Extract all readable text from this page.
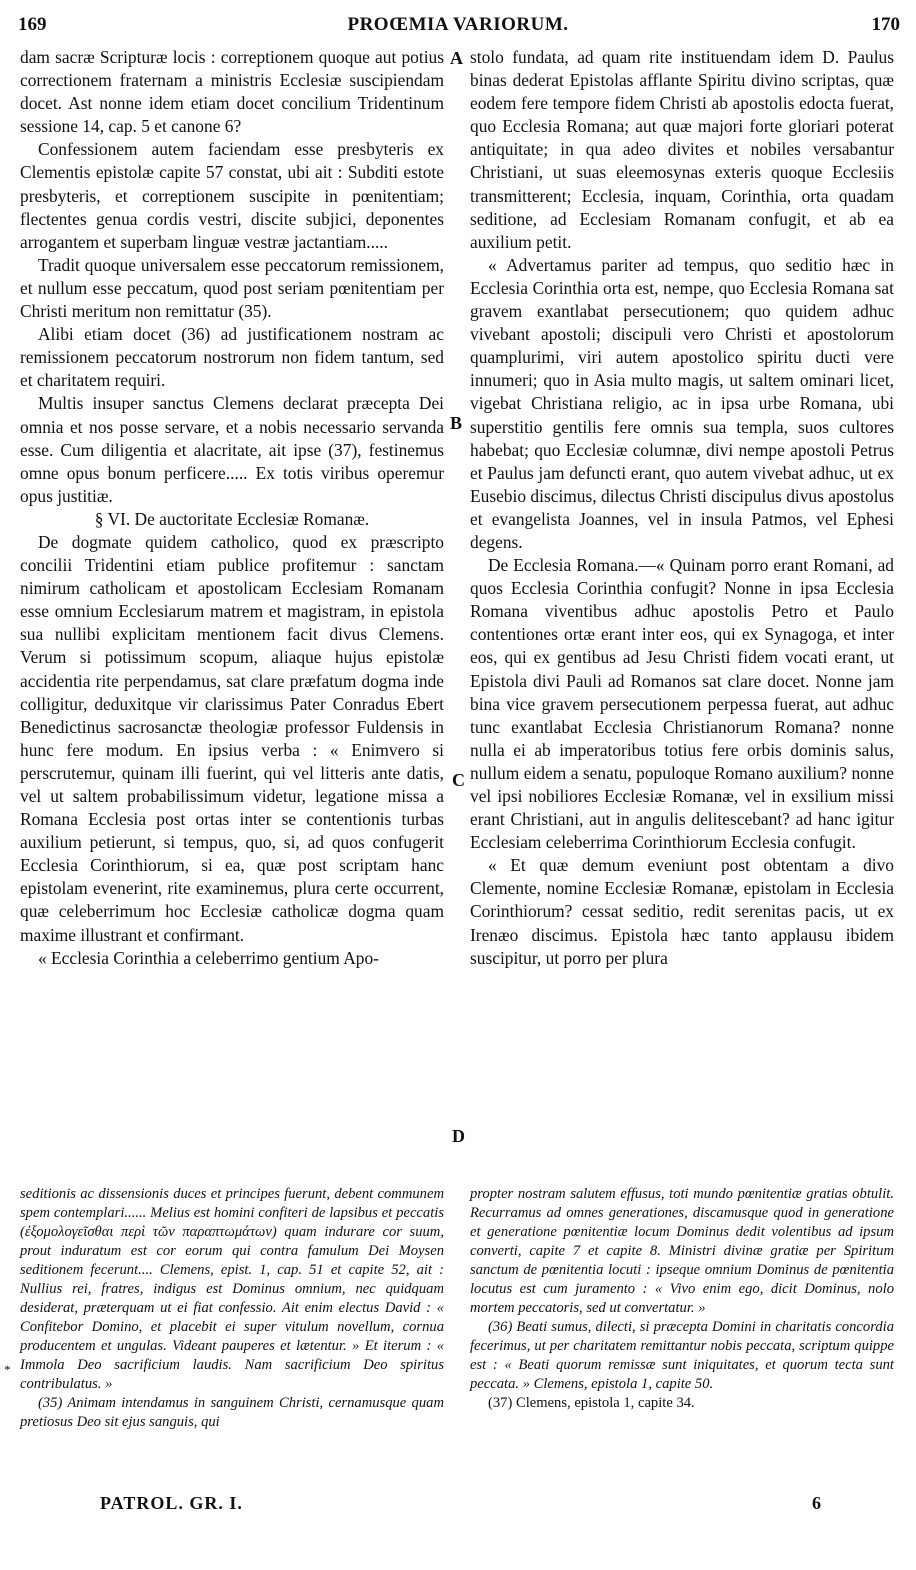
169	PROŒMIA VARIORUM.	170

dam sacræ Scripturæ locis : correptionem quoque aut potius correctionem fraternam a ministris Ecclesiæ suscipiendam docet. Ast nonne idem etiam docet concilium Tridentinum sessione 14, cap. 5 et canone 6?

Confessionem autem faciendam esse presbyteris ex Clementis epistolæ capite 57 constat, ubi ait : Subditi estote presbyteris, et correptionem suscipite in pœnitentiam; flectentes genua cordis vestri, discite subjici, deponentes arrogantem et superbam linguæ vestræ jactantiam.....

Tradit quoque universalem esse peccatorum remissionem, et nullum esse peccatum, quod post seriam pœnitentiam per Christi meritum non remittatur (35).

Alibi etiam docet (36) ad justificationem nostram ac remissionem peccatorum nostrorum non fidem tantum, sed et charitatem requiri.

Multis insuper sanctus Clemens declarat præcepta Dei omnia et nos posse servare, et a nobis necessario servanda esse. Cum diligentia et alacritate, ait ipse (37), festinemus omne opus bonum perficere..... Ex totis viribus operemur opus justitiæ.

§ VI. De auctoritate Ecclesiæ Romanæ.

De dogmate quidem catholico, quod ex præscripto concilii Tridentini etiam publice profitemur : sanctam nimirum catholicam et apostolicam Ecclesiam Romanam esse omnium Ecclesiarum matrem et magistram, in epistola sua nullibi explicitam mentionem facit divus Clemens. Verum si potissimum scopum, aliaque hujus epistolæ accidentia rite perpendamus, sat clare præfatum dogma inde colligitur, deduxitque vir clarissimus Pater Conradus Ebert Benedictinus sacrosanctæ theologiæ professor Fuldensis in hunc fere modum. En ipsius verba : « Enimvero si perscrutemur, quinam illi fuerint, qui vel litteris ante datis, vel ut saltem probabilissimum videtur, legatione missa a Romana Ecclesia post ortas inter se contentionis turbas auxilium petierunt, si tempus, quo, si, ad quos confugerit Ecclesia Corinthiorum, si ea, quæ post scriptam hanc epistolam evenerint, rite examinemus, plura certe occurrent, quæ celeberrimum hoc Ecclesiæ catholicæ dogma quam maxime illustrant et confirmant.

« Ecclesia Corinthia a celeberrimo gentium Apo-

stolo fundata, ad quam rite instituendam idem D. Paulus binas dederat Epistolas afflante Spiritu divino scriptas, quæ eodem fere tempore fidem Christi ab apostolis edocta fuerat, quo Ecclesia Romana; aut quæ majori forte gloriari poterat antiquitate; in qua adeo divites et nobiles versabantur Christiani, ut suas eleemosynas exteris quoque Ecclesiis transmitterent; Ecclesia, inquam, Corinthia, orta quadam seditione, ad Ecclesiam Romanam confugit, et ab ea auxilium petit.

« Advertamus pariter ad tempus, quo seditio hæc in Ecclesia Corinthia orta est, nempe, quo Ecclesia Romana sat gravem exantlabat persecutionem; quo quidem adhuc vivebant apostoli; discipuli vero Christi et apostolorum quamplurimi, viri autem apostolico spiritu ducti vere innumeri; quo in Asia multo magis, ut saltem ominari licet, vigebat Christiana religio, ac in ipsa urbe Romana, ubi superstitio gentilis fere omnis sua templa, suos cultores habebat; quo Ecclesiæ columnæ, divi nempe apostoli Petrus et Paulus jam defuncti erant, quo autem vivebat adhuc, ut ex Eusebio discimus, dilectus Christi discipulus divus apostolus et evangelista Joannes, vel in insula Patmos, vel Ephesi degens.

De Ecclesia Romana.—« Quinam porro erant Romani, ad quos Ecclesia Corinthia confugit? Nonne in ipsa Ecclesia Romana viventibus adhuc apostolis Petro et Paulo contentiones ortæ erant inter eos, qui ex Synagoga, et inter eos, qui ex gentibus ad Jesu Christi fidem vocati erant, ut Epistola divi Pauli ad Romanos sat clare docet. Nonne jam bina vice gravem persecutionem perpessa fuerat, aut adhuc tunc exantlabat Ecclesia Christianorum Romana? nonne nulla ei ab imperatoribus totius fere orbis dominis salus, nullum eidem a senatu, populoque Romano auxilium? nonne vel ipsi nobiliores Ecclesiæ Romanæ, vel in exsilium missi erant Christiani, aut in angulis delitescebant? ad hanc igitur Ecclesiam celeberrima Corinthiorum Ecclesia confugit.

« Et quæ demum eveniunt post obtentam a divo Clemente, nomine Ecclesiæ Romanæ, epistolam in Ecclesia Corinthiorum? cessat seditio, redit serenitas pacis, ut ex Irenæo discimus. Epistola hæc tanto applausu ibidem suscipitur, ut porro per plura

A
B
C
D

seditionis ac dissensionis duces et principes fuerunt, debent communem spem contemplari...... Melius est homini confiteri de lapsibus et peccatis (ἐξομολογεῖσθαι περὶ τῶν παραπτωμάτων) quam indurare cor suum, prout induratum est cor eorum qui contra famulum Dei Moysen seditionem fecerunt.... Clemens, epist. 1, cap. 51 et capite 52, ait : Nullius rei, fratres, indigus est Dominus omnium, nec quidquam desiderat, præterquam ut ei fiat confessio. Ait enim electus David : « Confitebor Domino, et placebit ei super vitulum novellum, cornua producentem et ungulas. Videant pauperes et lætentur. » Et iterum : « Immola Deo sacrificium laudis. Nam sacrificium Deo spiritus contribulatus. »

(35) Animam intendamus in sanguinem Christi, cernamusque quam pretiosus Deo sit ejus sanguis, qui

propter nostram salutem effusus, toti mundo pœnitentiæ gratias obtulit. Recurramus ad omnes generationes, discamusque quod in generatione et generatione pœnitentiæ locum Dominus dedit volentibus ad ipsum converti, capite 7 et capite 8. Ministri divinæ gratiæ per Spiritum sanctum de pœnitentia locuti : ipseque omnium Dominus de pœnitentia locutus est cum juramento : « Vivo enim ego, dicit Dominus, nolo mortem peccatoris, sed ut convertatur. »

(36) Beati sumus, dilecti, si præcepta Domini in charitatis concordia fecerimus, ut per charitatem remittantur nobis peccata, scriptum quippe est : « Beati quorum remissæ sunt iniquitates, et quorum tecta sunt peccata. » Clemens, epistola 1, capite 50.

(37) Clemens, epistola 1, capite 34.

*
PATROL. GR. I.	6
